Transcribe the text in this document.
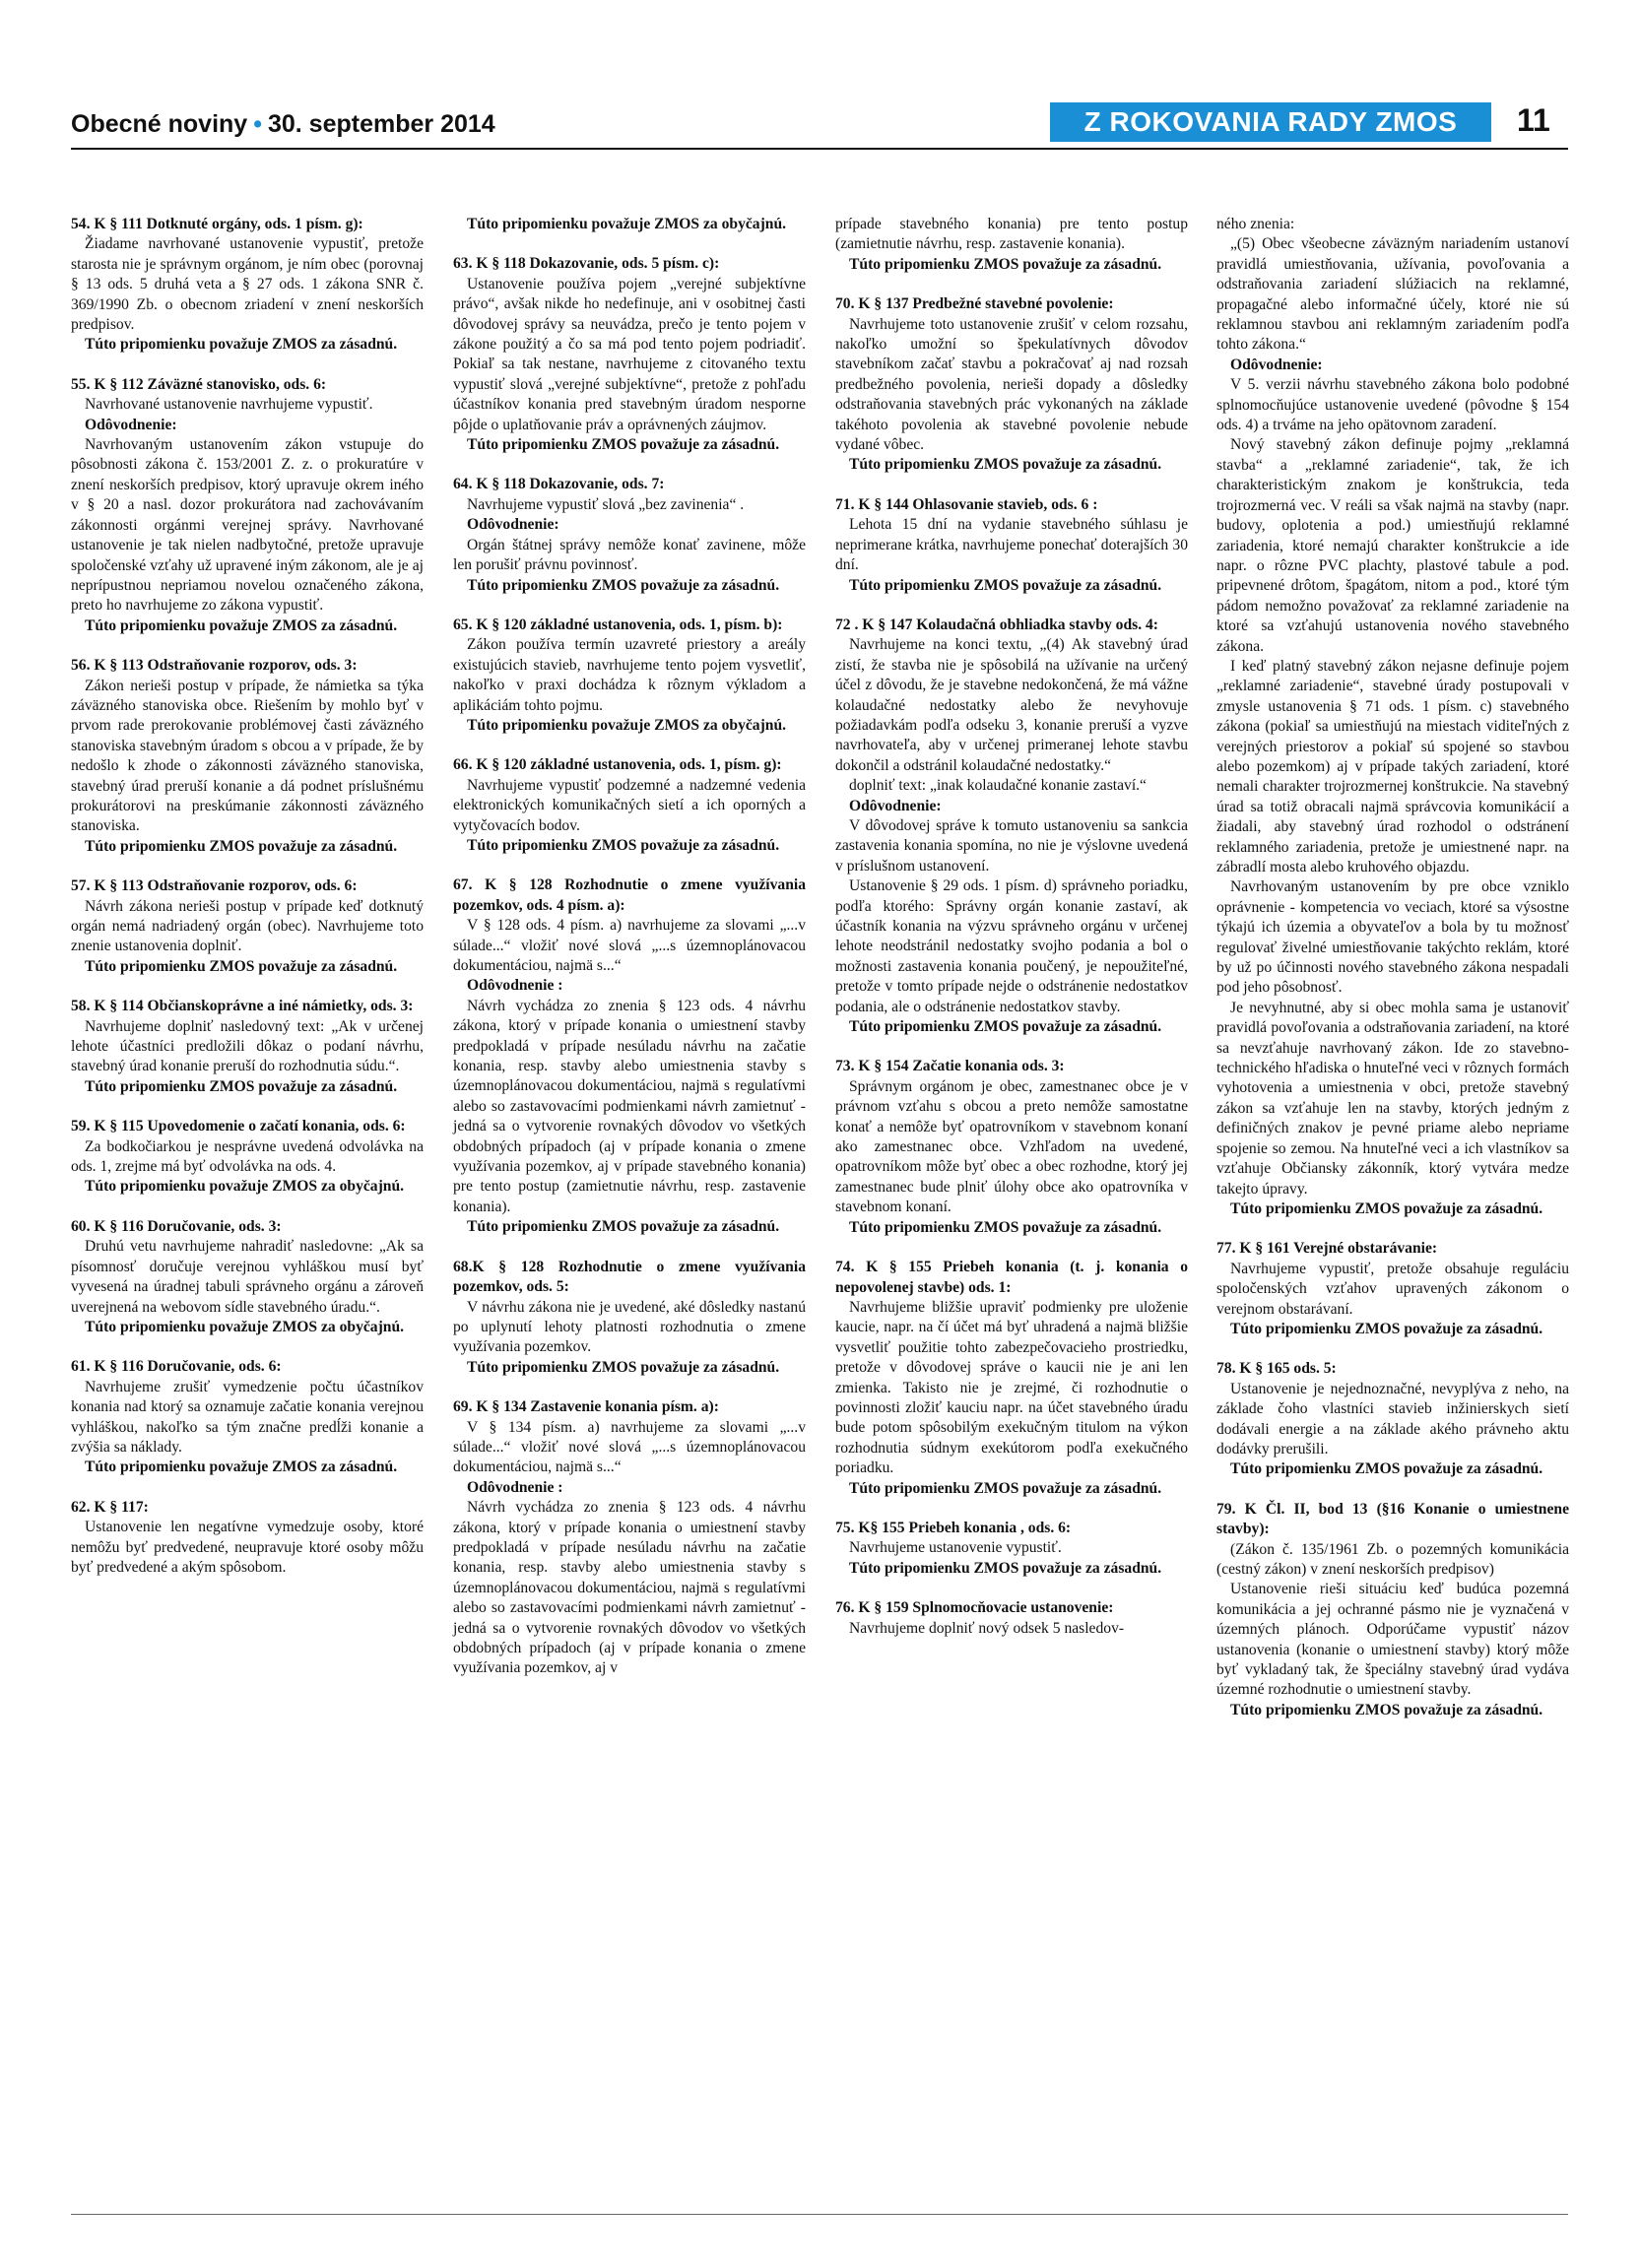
Obecné noviny • 30. september 2014	Z ROKOVANIA RADY ZMOS	11

54. K § 111 Dotknuté orgány, ods. 1 písm. g):

Žiadame navrhované ustanovenie vypustiť, pretože starosta nie je správnym orgánom, je ním obec (porovnaj § 13 ods. 5 druhá veta a § 27 ods. 1 zákona SNR č. 369/1990 Zb. o obecnom zriadení v znení neskorších predpisov.

Túto pripomienku považuje ZMOS za zásadnú.

55. K § 112 Záväzné stanovisko, ods. 6:

Navrhované ustanovenie navrhujeme vypustiť.

Odôvodnenie:

Navrhovaným ustanovením zákon vstupuje do pôsobnosti zákona č. 153/2001 Z. z. o prokuratúre v znení neskorších predpisov, ktorý upravuje okrem iného v § 20 a nasl. dozor prokurátora nad zachovávaním zákonnosti orgánmi verejnej správy. Navrhované ustanovenie je tak nielen nadbytočné, pretože upravuje spoločenské vzťahy už upravené iným zákonom, ale je aj neprípustnou nepriamou novelou označeného zákona, preto ho navrhujeme zo zákona vypustiť.

Túto pripomienku považuje ZMOS za zásadnú.

56. K § 113 Odstraňovanie rozporov, ods. 3:

Zákon nerieši postup v prípade, že námietka sa týka záväzného stanoviska obce. Riešením by mohlo byť v prvom rade prerokovanie problémovej časti záväzného stanoviska stavebným úradom s obcou a v prípade, že by nedošlo k zhode o zákonnosti záväzného stanoviska, stavebný úrad preruší konanie a dá podnet príslušnému prokurátorovi na preskúmanie zákonnosti záväzného stanoviska.

Túto pripomienku ZMOS považuje za zásadnú.

57. K § 113 Odstraňovanie rozporov, ods. 6:

Návrh zákona nerieši postup v prípade keď dotknutý orgán nemá nadriadený orgán (obec). Navrhujeme toto znenie ustanovenia doplniť.

Túto pripomienku ZMOS považuje za zásadnú.

58. K § 114 Občianskoprávne a iné námietky, ods. 3:

Navrhujeme doplniť nasledovný text: „Ak v určenej lehote účastníci predložili dôkaz o podaní návrhu, stavebný úrad konanie preruší do rozhodnutia súdu.“.

Túto pripomienku ZMOS považuje za zásadnú.

59. K § 115 Upovedomenie o začatí konania, ods. 6:

Za bodkočiarkou je nesprávne uvedená odvolávka na ods. 1, zrejme má byť odvolávka na ods. 4.

Túto pripomienku považuje ZMOS za obyčajnú.

60. K § 116 Doručovanie, ods. 3:

Druhú vetu navrhujeme nahradiť nasledovne: „Ak sa písomnosť doručuje verejnou vyhláškou musí byť vyvesená na úradnej tabuli správneho orgánu a zároveň uverejnená na webovom sídle stavebného úradu.“.

Túto pripomienku považuje ZMOS za obyčajnú.

61. K § 116 Doručovanie, ods. 6:

Navrhujeme zrušiť vymedzenie počtu účastníkov konania nad ktorý sa oznamuje začatie konania verejnou vyhláškou, nakoľko sa tým značne predĺži konanie a zvýšia sa náklady.

Túto pripomienku považuje ZMOS za zásadnú.

62. K § 117:

Ustanovenie len negatívne vymedzuje osoby, ktoré nemôžu byť predvedené, neupravuje ktoré osoby môžu byť predvedené a akým spôsobom.

Túto pripomienku považuje ZMOS za obyčajnú.

63. K § 118 Dokazovanie, ods. 5 písm. c):

Ustanovenie používa pojem „verejné subjektívne právo“, avšak nikde ho nedefinuje, ani v osobitnej časti dôvodovej správy sa neuvádza, prečo je tento pojem v zákone použitý a čo sa má pod tento pojem podriadiť. Pokiaľ sa tak nestane, navrhujeme z citovaného textu vypustiť slová „verejné subjektívne“, pretože z pohľadu účastníkov konania pred stavebným úradom nesporne pôjde o uplatňovanie práv a oprávnených záujmov.

Túto pripomienku ZMOS považuje za zásadnú.

64. K § 118 Dokazovanie, ods. 7:

Navrhujeme vypustiť slová „bez zavinenia“ .

Odôvodnenie:

Orgán štátnej správy nemôže konať zavinene, môže len porušiť právnu povinnosť.

Túto pripomienku ZMOS považuje za zásadnú.

65. K § 120 základné ustanovenia, ods. 1, písm. b):

Zákon používa termín uzavreté priestory a areály existujúcich stavieb, navrhujeme tento pojem vysvetliť, nakoľko v praxi dochádza k rôznym výkladom a aplikáciám tohto pojmu.

Túto pripomienku považuje ZMOS za obyčajnú.

66. K § 120 základné ustanovenia, ods. 1, písm. g):

Navrhujeme vypustiť podzemné a nadzemné vedenia elektronických komunikačných sietí a ich oporných a vytyčovacích bodov.

Túto pripomienku ZMOS považuje za zásadnú.

67. K § 128 Rozhodnutie o zmene využívania pozemkov, ods. 4 písm. a):

V § 128 ods. 4 písm. a) navrhujeme za slovami „...v súlade...“ vložiť nové slová „...s územnoplánovacou dokumentáciou, najmä s...“

Odôvodnenie :

Návrh vychádza zo znenia § 123 ods. 4 návrhu zákona, ktorý v prípade konania o umiestnení stavby predpokladá v prípade nesúladu návrhu na začatie konania, resp. stavby alebo umiestnenia stavby s územnoplánovacou dokumentáciou, najmä s regulatívmi alebo so zastavovacími podmienkami návrh zamietnuť - jedná sa o vytvorenie rovnakých dôvodov vo všetkých obdobných prípadoch (aj v prípade konania o zmene využívania pozemkov, aj v prípade stavebného konania) pre tento postup (zamietnutie návrhu, resp. zastavenie konania).

Túto pripomienku ZMOS považuje za zásadnú.

68.K § 128 Rozhodnutie o zmene využívania pozemkov, ods. 5:

V návrhu zákona nie je uvedené, aké dôsledky nastanú po uplynutí lehoty platnosti rozhodnutia o zmene využívania pozemkov.

Túto pripomienku ZMOS považuje za zásadnú.

69. K § 134 Zastavenie konania písm. a):

V § 134 písm. a) navrhujeme za slovami „...v súlade...“ vložiť nové slová „...s územnoplánovacou dokumentáciou, najmä s...“

Odôvodnenie :

Návrh vychádza zo znenia § 123 ods. 4 návrhu zákona, ktorý v prípade konania o umiestnení stavby predpokladá v prípade nesúladu návrhu na začatie konania, resp. stavby alebo umiestnenia stavby s územnoplánovacou dokumentáciou, najmä s regulatívmi alebo so zastavovacími podmienkami návrh zamietnuť - jedná sa o vytvorenie rovnakých dôvodov vo všetkých obdobných prípadoch (aj v prípade konania o zmene využívania pozemkov, aj v

prípade stavebného konania) pre tento postup (zamietnutie návrhu, resp. zastavenie konania).

Túto pripomienku ZMOS považuje za zásadnú.

70. K § 137 Predbežné stavebné povolenie:

Navrhujeme toto ustanovenie zrušiť v celom rozsahu, nakoľko umožní so špekulatívnych dôvodov stavebníkom začať stavbu a pokračovať aj nad rozsah predbežného povolenia, nerieši dopady a dôsledky odstraňovania stavebných prác vykonaných na základe takéhoto povolenia ak stavebné povolenie nebude vydané vôbec.

Túto pripomienku ZMOS považuje za zásadnú.

71. K § 144 Ohlasovanie stavieb, ods. 6 :

Lehota 15 dní na vydanie stavebného súhlasu je neprimerane krátka, navrhujeme ponechať doterajších 30 dní.

Túto pripomienku ZMOS považuje za zásadnú.

72 . K § 147 Kolaudačná obhliadka stavby ods. 4:

Navrhujeme na konci textu, „(4) Ak stavebný úrad zistí, že stavba nie je spôsobilá na užívanie na určený účel z dôvodu, že je stavebne nedokončená, že má vážne kolaudačné nedostatky alebo že nevyhovuje požiadavkám podľa odseku 3, konanie preruší a vyzve navrhovateľa, aby v určenej primeranej lehote stavbu dokončil a odstránil kolaudačné nedostatky.“

doplniť text: „inak kolaudačné konanie zastaví.“

Odôvodnenie:

V dôvodovej správe k tomuto ustanoveniu sa sankcia zastavenia konania spomína, no nie je výslovne uvedená v príslušnom ustanovení.

Ustanovenie § 29 ods. 1 písm. d) správneho poriadku, podľa ktorého: Správny orgán konanie zastaví, ak účastník konania na výzvu správneho orgánu v určenej lehote neodstránil nedostatky svojho podania a bol o možnosti zastavenia konania poučený, je nepoužiteľné, pretože v tomto prípade nejde o odstránenie nedostatkov podania, ale o odstránenie nedostatkov stavby.

Túto pripomienku ZMOS považuje za zásadnú.

73. K § 154 Začatie konania ods. 3:

Správnym orgánom je obec, zamestnanec obce je v právnom vzťahu s obcou a preto nemôže samostatne konať a nemôže byť opatrovníkom v stavebnom konaní ako zamestnanec obce. Vzhľadom na uvedené, opatrovníkom môže byť obec a obec rozhodne, ktorý jej zamestnanec bude plniť úlohy obce ako opatrovníka v stavebnom konaní.

Túto pripomienku ZMOS považuje za zásadnú.

74. K § 155 Priebeh konania (t. j. konania o nepovolenej stavbe) ods. 1:

Navrhujeme bližšie upraviť podmienky pre uloženie kaucie, napr. na čí účet má byť uhradená a najmä bližšie vysvetliť použitie tohto zabezpečovacieho prostriedku, pretože v dôvodovej správe o kaucii nie je ani len zmienka. Takisto nie je zrejmé, či rozhodnutie o povinnosti zložiť kauciu napr. na účet stavebného úradu bude potom spôsobilým exekučným titulom na výkon rozhodnutia súdnym exekútorom podľa exekučného poriadku.

Túto pripomienku ZMOS považuje za zásadnú.

75. K§ 155 Priebeh konania , ods. 6:

Navrhujeme ustanovenie vypustiť.

Túto pripomienku ZMOS považuje za zásadnú.

76. K § 159 Splnomocňovacie ustanovenie:

Navrhujeme doplniť nový odsek 5 nasledov-

ného znenia:

„(5) Obec všeobecne záväzným nariadením ustanoví pravidlá umiestňovania, užívania, povoľovania a odstraňovania zariadení slúžiacich na reklamné, propagačné alebo informačné účely, ktoré nie sú reklamnou stavbou ani reklamným zariadením podľa tohto zákona.“

Odôvodnenie:

V 5. verzii návrhu stavebného zákona bolo podobné splnomocňujúce ustanovenie uvedené (pôvodne § 154 ods. 4) a trváme na jeho opätovnom zaradení.

Nový stavebný zákon definuje pojmy „reklamná stavba“ a „reklamné zariadenie“, tak, že ich charakteristickým znakom je konštrukcia, teda trojrozmerná vec. V reáli sa však najmä na stavby (napr. budovy, oplotenia a pod.) umiestňujú reklamné zariadenia, ktoré nemajú charakter konštrukcie a ide napr. o rôzne PVC plachty, plastové tabule a pod. pripevnené drôtom, špagátom, nitom a pod., ktoré tým pádom nemožno považovať za reklamné zariadenie na ktoré sa vzťahujú ustanovenia nového stavebného zákona.

I keď platný stavebný zákon nejasne definuje pojem „reklamné zariadenie“, stavebné úrady postupovali v zmysle ustanovenia § 71 ods. 1 písm. c) stavebného zákona (pokiaľ sa umiestňujú na miestach viditeľných z verejných priestorov a pokiaľ sú spojené so stavbou alebo pozemkom) aj v prípade takých zariadení, ktoré nemali charakter trojrozmernej konštrukcie. Na stavebný úrad sa totiž obracali najmä správcovia komunikácií a žiadali, aby stavebný úrad rozhodol o odstránení reklamného zariadenia, pretože je umiestnené napr. na zábradlí mosta alebo kruhového objazdu.

Navrhovaným ustanovením by pre obce vzniklo oprávnenie - kompetencia vo veciach, ktoré sa výsostne týkajú ich územia a obyvateľov a bola by tu možnosť regulovať živelné umiestňovanie takýchto reklám, ktoré by už po účinnosti nového stavebného zákona nespadali pod jeho pôsobnosť.

Je nevyhnutné, aby si obec mohla sama je ustanoviť pravidlá povoľovania a odstraňovania zariadení, na ktoré sa nevzťahuje navrhovaný zákon. Ide zo stavebno-technického hľadiska o hnuteľné veci v rôznych formách vyhotovenia a umiestnenia v obci, pretože stavebný zákon sa vzťahuje len na stavby, ktorých jedným z definičných znakov je pevné priame alebo nepriame spojenie so zemou. Na hnuteľné veci a ich vlastníkov sa vzťahuje Občiansky zákonník, ktorý vytvára medze takejto úpravy.

Túto pripomienku ZMOS považuje za zásadnú.

77. K § 161 Verejné obstarávanie:

Navrhujeme vypustiť, pretože obsahuje reguláciu spoločenských vzťahov upravených zákonom o verejnom obstarávaní.

Túto pripomienku ZMOS považuje za zásadnú.

78. K § 165 ods. 5:

Ustanovenie je nejednoznačné, nevyplýva z neho, na základe čoho vlastníci stavieb inžinierskych sietí dodávali energie a na základe akého právneho aktu dodávky prerušili.

Túto pripomienku ZMOS považuje za zásadnú.

79. K Čl. II, bod 13 (§16 Konanie o umiestnene stavby):

(Zákon č. 135/1961 Zb. o pozemných komunikácia (cestný zákon) v znení neskorších predpisov)

Ustanovenie rieši situáciu keď budúca pozemná komunikácia a jej ochranné pásmo nie je vyznačená v územných plánoch. Odporúčame vypustiť názov ustanovenia (konanie o umiestnení stavby) ktorý môže byť vykladaný tak, že špeciálny stavebný úrad vydáva územné rozhodnutie o umiestnení stavby.

Túto pripomienku ZMOS považuje za zásadnú.
